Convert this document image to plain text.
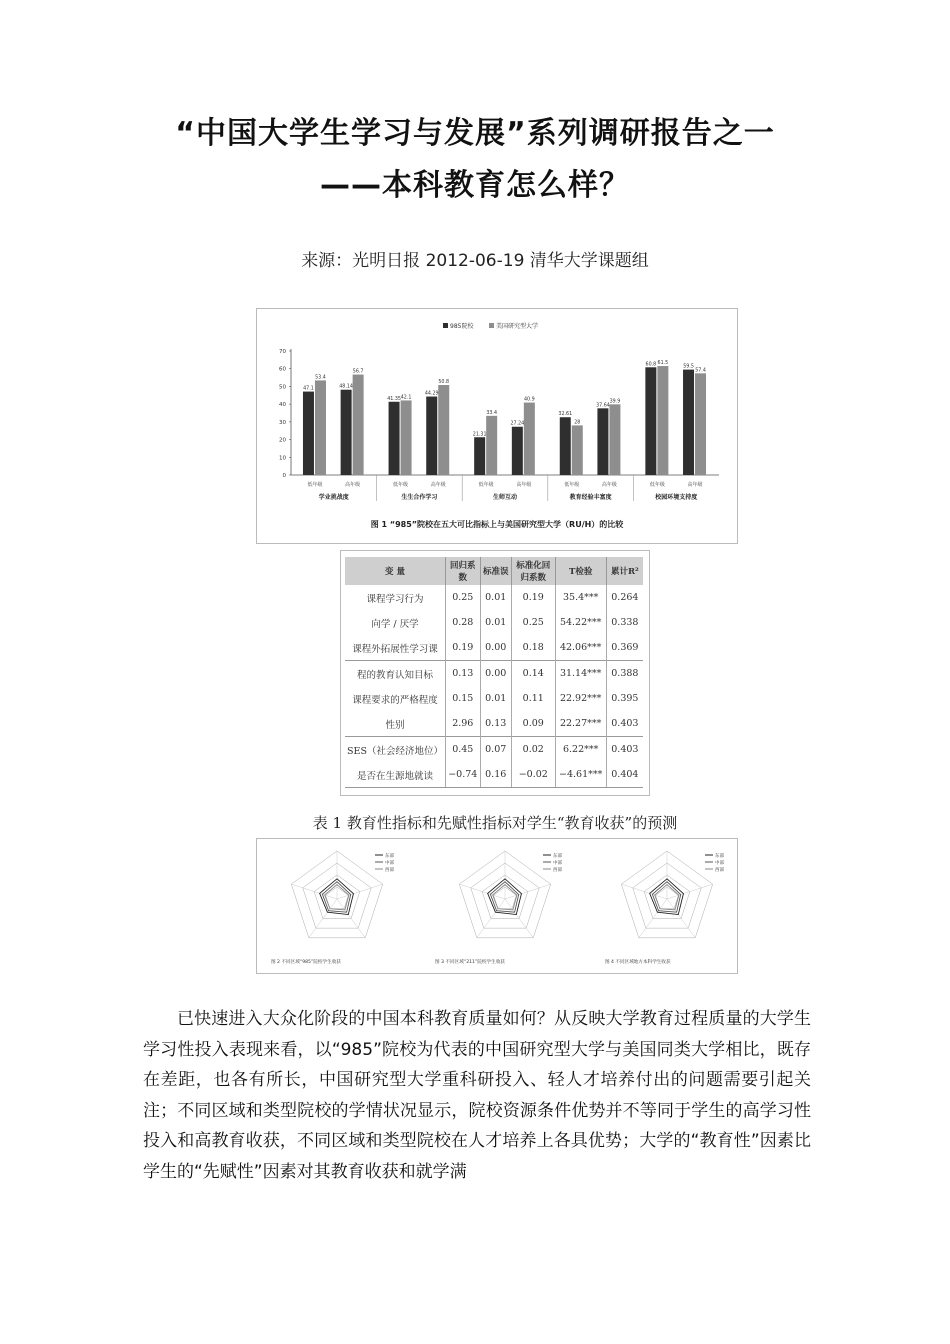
“中国大学生学习与发展”系列调研报告之一
——本科教育怎么样？
来源：光明日报 2012-06-19 清华大学课题组
985院校	美国研究型大学
0
10
20
30
40
50
60
70
学业挑战度
低年级
47.1
53.4
高年级
48.14
56.7
生生合作学习
低年级
41.35 42.1
高年级
44.29
50.8
生师互动
低年级
21.31
33.4
高年级
27.24
40.9
教育经验丰富度
低年级
32.61
28
高年级
37.64
39.9
校园环境支持度
低年级
60.8 61.5
高年级
59.5
57.4
图 1 “985”院校在五大可比指标上与美国研究型大学（RU/H）的比较
变 量	回归系数	标准误	标准化回归系数	T检验	累计R²
课程学习行为	0.25	0.01	0.19	35.4***	0.264
向学 / 厌学	0.28	0.01	0.25	54.22***	0.338
课程外拓展性学习课	0.19	0.00	0.18	42.06***	0.369
程的教育认知目标	0.13	0.00	0.14	31.14***	0.388
课程要求的严格程度	0.15	0.01	0.11	22.92***	0.395
性别	2.96	0.13	0.09	22.27***	0.403
SES（社会经济地位）	0.45	0.07	0.02	6.22***	0.403
是否在生源地就读	−0.74	0.16	−0.02	−4.61***	0.404
表 1 教育性指标和先赋性指标对学生“教育收获”的预测
东部
中部
西部
东部
中部
西部
东部
中部
西部
图 2 不同区域“985”院校学生收获	图 3 不同区域“211”院校学生收获	图 4 不同区域地方本科学生收获
已快速进入大众化阶段的中国本科教育质量如何？从反映大学教育过程质量的大学生学习性投入表现来看，以“985”院校为代表的中国研究型大学与美国同类大学相比，既存在差距，也各有所长，中国研究型大学重科研投入、轻人才培养付出的问题需要引起关注；不同区域和类型院校的学情状况显示，院校资源条件优势并不等同于学生的高学习性投入和高教育收获，不同区域和类型院校在人才培养上各具优势；大学的“教育性”因素比学生的“先赋性”因素对其教育收获和就学满
